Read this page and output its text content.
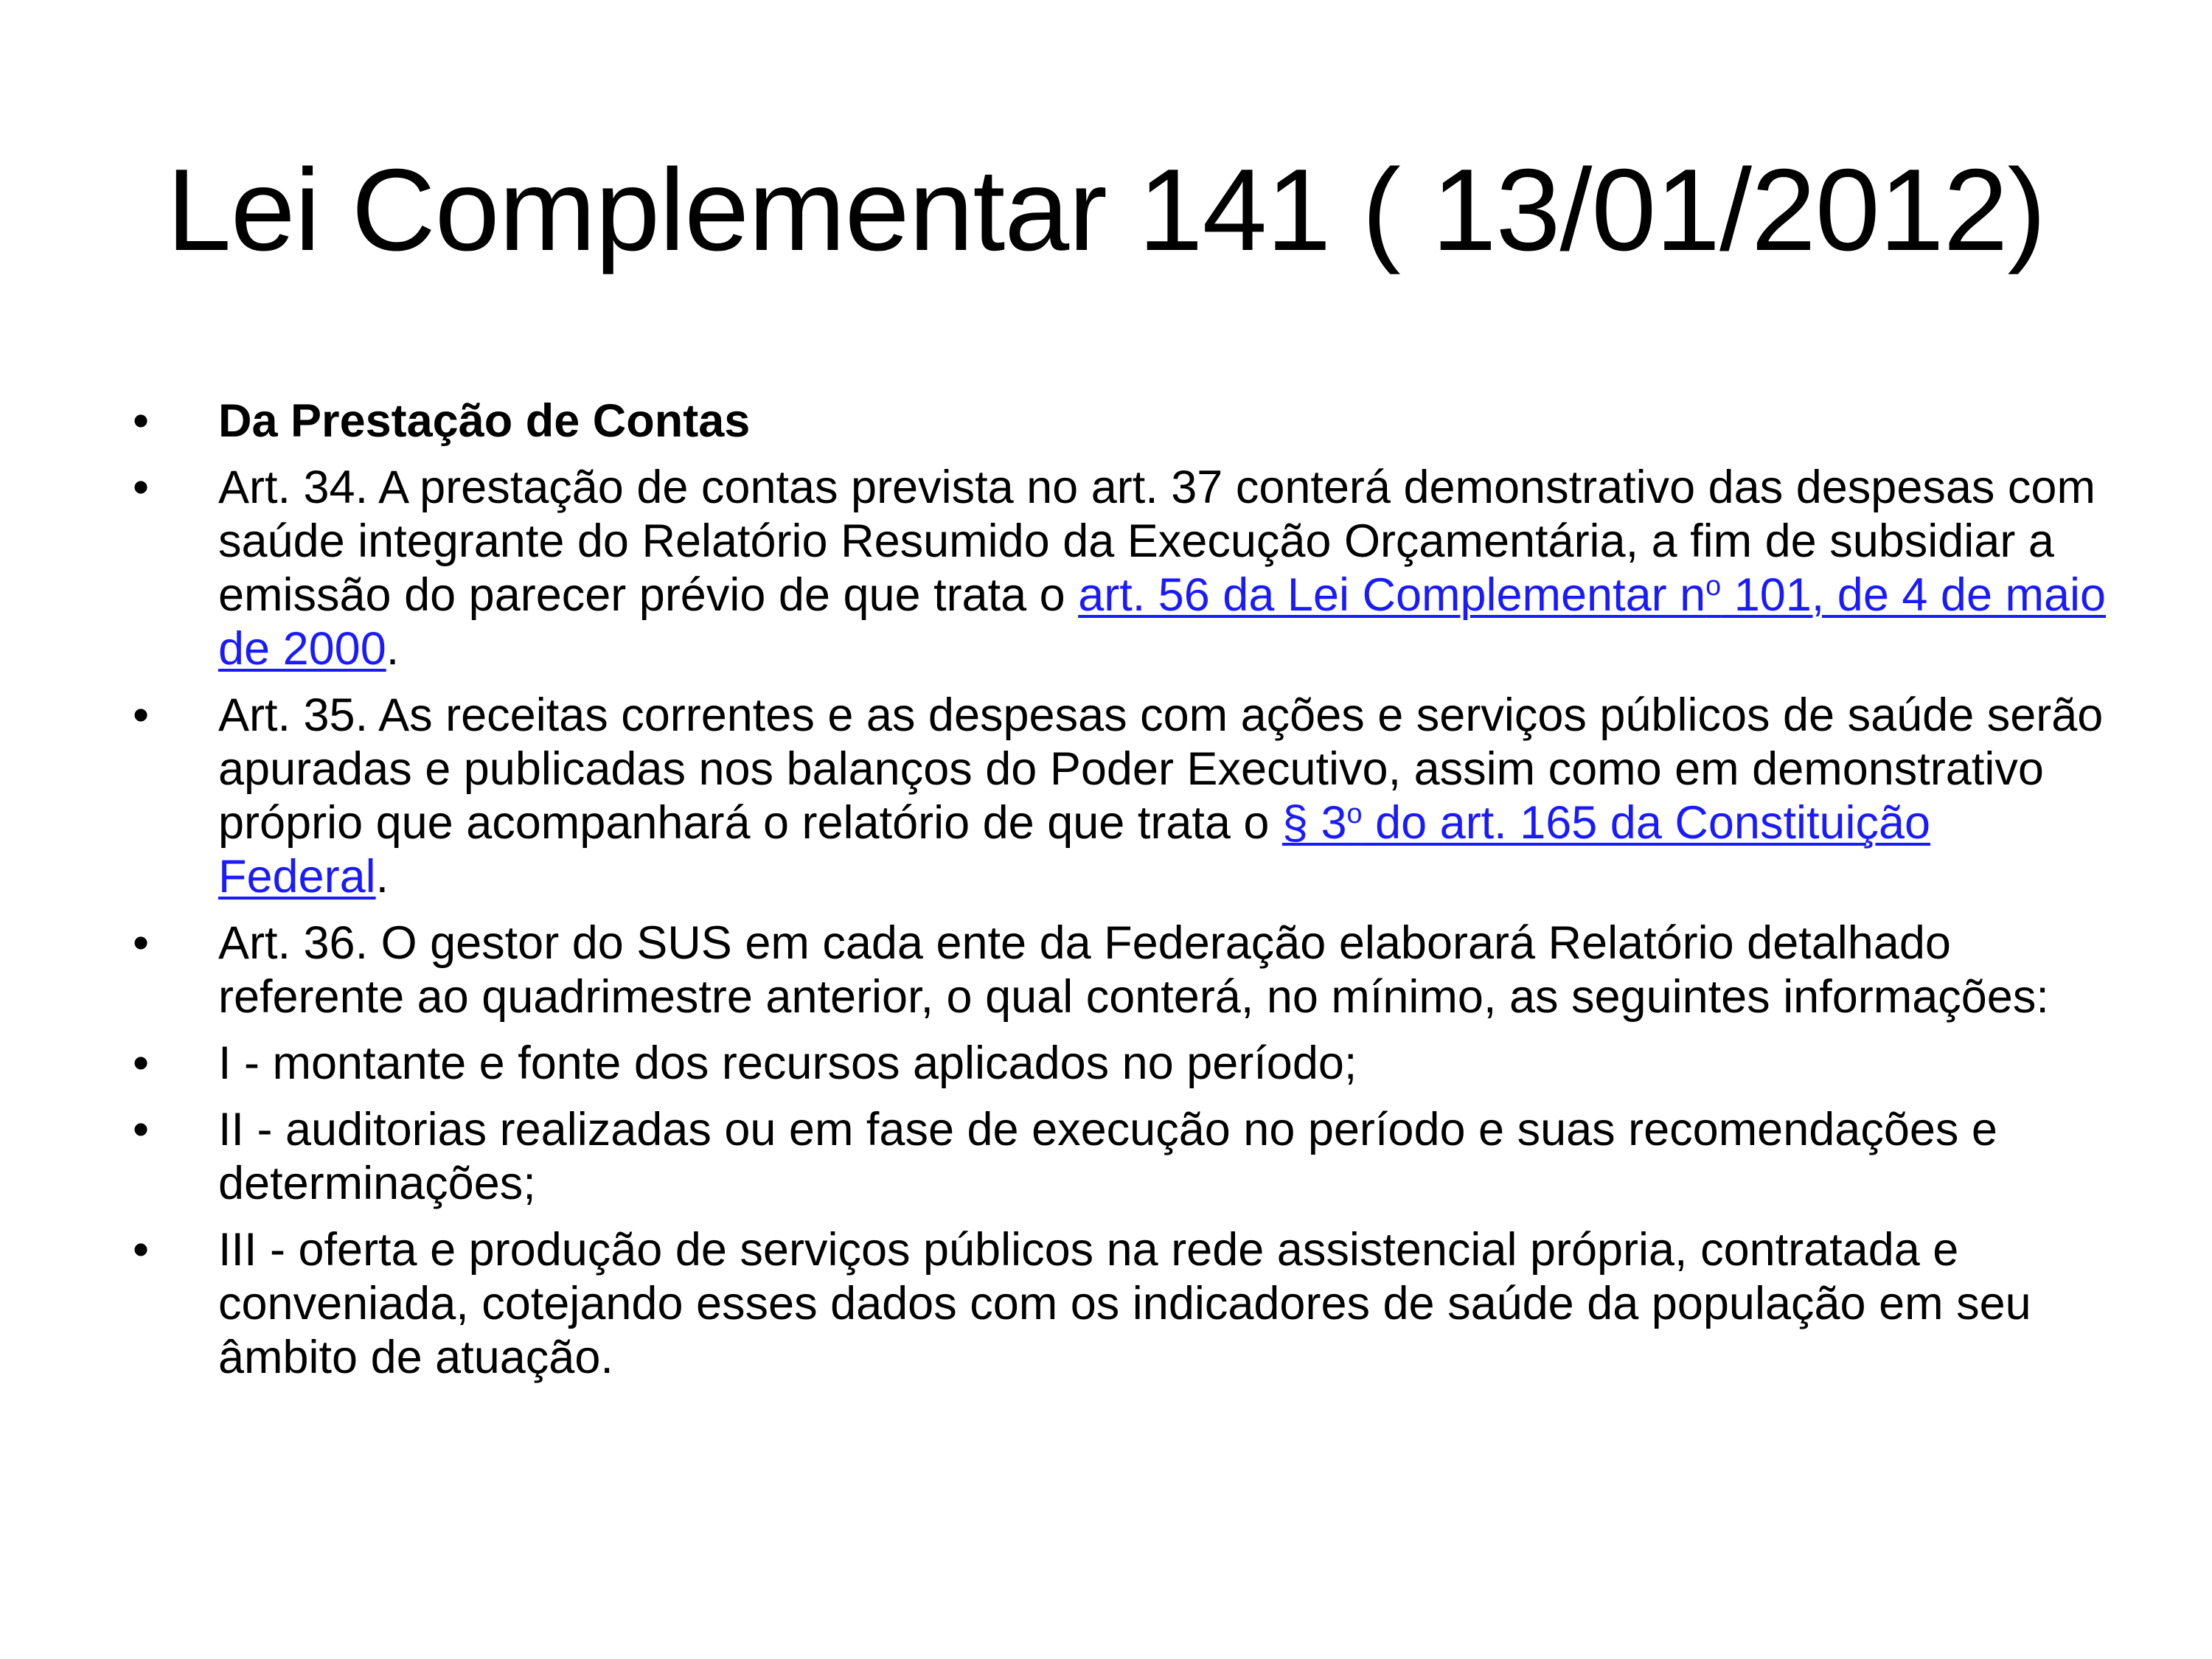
Lei Complementar 141 ( 13/01/2012)
•	Da Prestação de Contas
•	Art. 34. A prestação de contas prevista no art. 37 conterá demonstrativo das despesas com saúde integrante do Relatório Resumido da Execução Orçamentária, a fim de subsidiar a emissão do parecer prévio de que trata o art. 56 da Lei Complementar $n^o$ 101, de 4 de maio de 2000.
•	Art. 35. As receitas correntes e as despesas com ações e serviços públicos de saúde serão apuradas e publicadas nos balanços do Poder Executivo, assim como em demonstrativo próprio que acompanhará o relatório de que trata o § 3$^o$ do art. 165 da Constituição Federal.
•	Art. 36. O gestor do SUS em cada ente da Federação elaborará Relatório detalhado referente ao quadrimestre anterior, o qual conterá, no mínimo, as seguintes informações:
•	I - montante e fonte dos recursos aplicados no período;
•	II - auditorias realizadas ou em fase de execução no período e suas recomendações e determinações;
•	III - oferta e produção de serviços públicos na rede assistencial própria, contratada e conveniada, cotejando esses dados com os indicadores de saúde da população em seu âmbito de atuação.
